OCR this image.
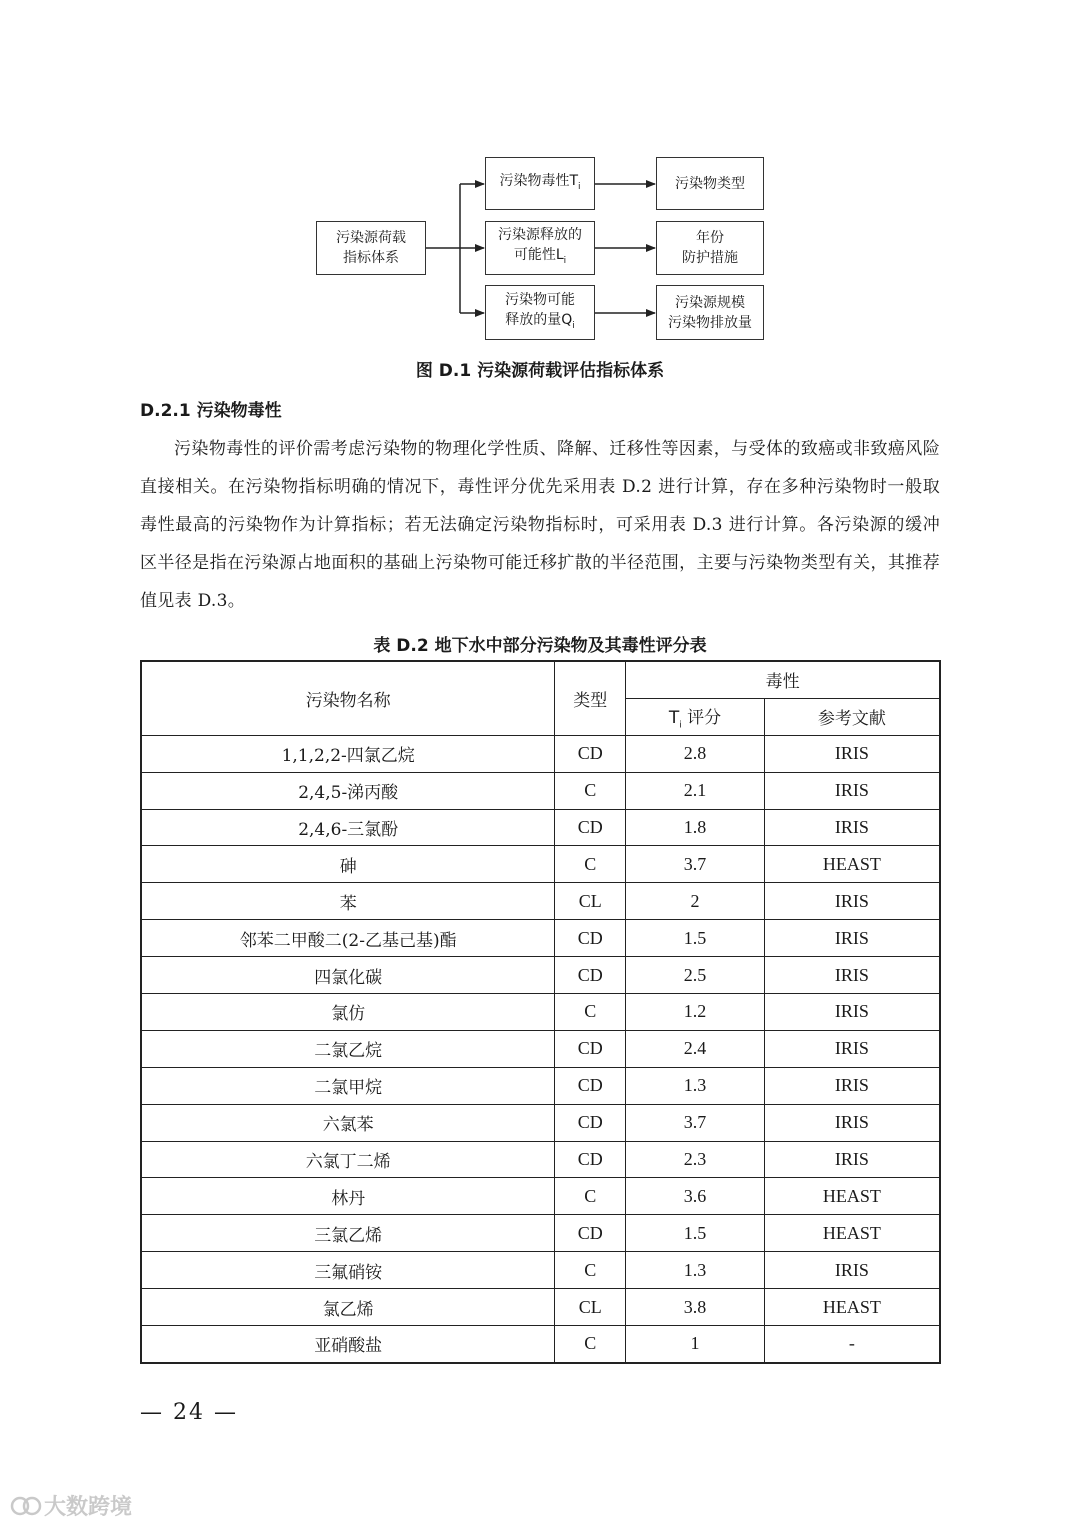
污染源荷载
指标体系
污染物毒性$T_i$
污染源释放的
可能性$L_i$
污染物可能
释放的量$Q_i$
污染物类型
年份
防护措施
污染源规模
污染物排放量
图 D.1 污染源荷载评估指标体系
D.2.1 污染物毒性
污染物毒性的评价需考虑污染物的物理化学性质、降解、迁移性等因素，与受体的致癌或非致癌风险直接相关。在污染物指标明确的情况下，毒性评分优先采用表 D.2 进行计算，存在多种污染物时一般取毒性最高的污染物作为计算指标；若无法确定污染物指标时，可采用表 D.3 进行计算。各污染源的缓冲区半径是指在污染源占地面积的基础上污染物可能迁移扩散的半径范围，主要与污染物类型有关，其推荐值见表 D.3。
表 D.2 地下水中部分污染物及其毒性评分表
污染物名称	类型	毒性	
		$T_i$ 评分	参考文献
1,1,2,2-四氯乙烷	CD	2.8	IRIS
2,4,5-涕丙酸	C	2.1	IRIS
2,4,6-三氯酚	CD	1.8	IRIS
砷	C	3.7	HEAST
苯	CL	2	IRIS
邻苯二甲酸二(2-乙基己基)酯	CD	1.5	IRIS
四氯化碳	CD	2.5	IRIS
氯仿	C	1.2	IRIS
二氯乙烷	CD	2.4	IRIS
二氯甲烷	CD	1.3	IRIS
六氯苯	CD	3.7	IRIS
六氯丁二烯	CD	2.3	IRIS
林丹	C	3.6	HEAST
三氯乙烯	CD	1.5	HEAST
三氟硝铵	C	1.3	IRIS
氯乙烯	CL	3.8	HEAST
亚硝酸盐	C	1	-
— 24 —
大数跨境
